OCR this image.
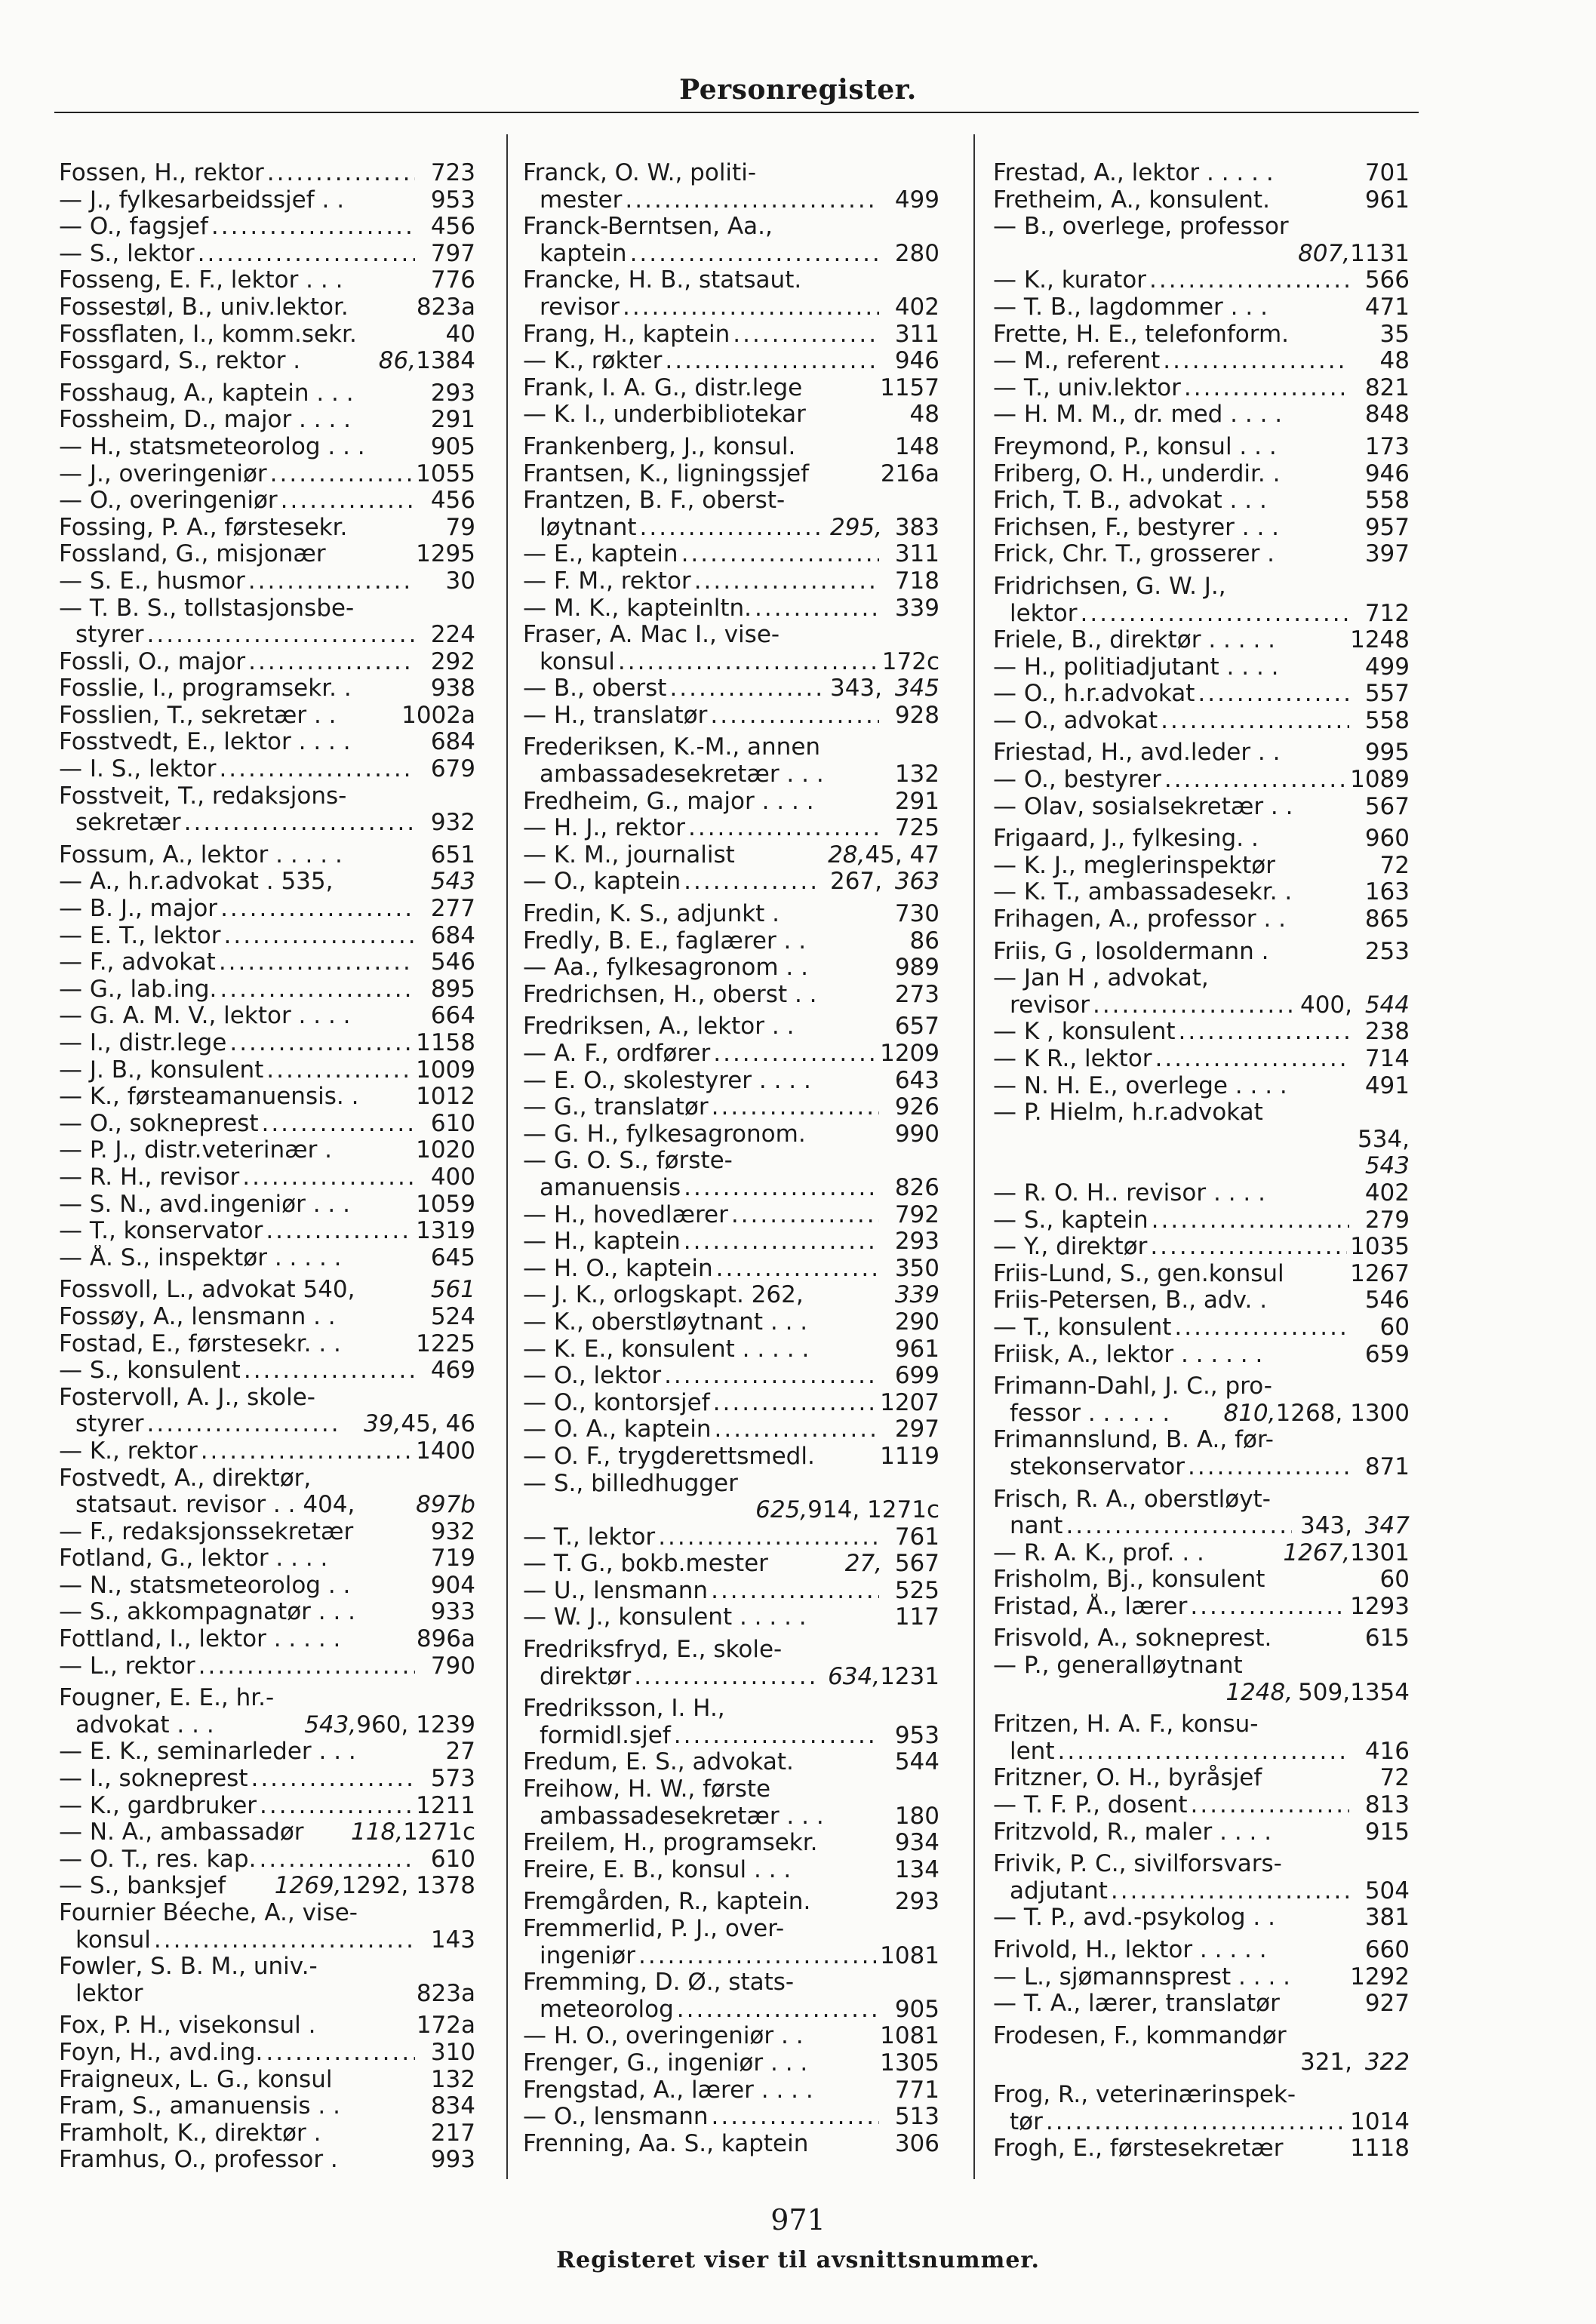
Personregister.
Fossen, H., rektor .....	723
— J., fylkesarbeidssjef . .	953
— O., fagsjef .....	456
— S., lektor .....	797
Fosseng, E. F., lektor . . .	776
Fossestøl, B., univ.lektor.	823a
Fossflaten, I., komm.sekr.	40
Fossgard, S., rektor .	86, 1384
Fosshaug, A., kaptein . . .	293
Fossheim, D., major . . . .	291
— H., statsmeteorolog . . .	905
— J., overingeniør .....	1055
— O., overingeniør .....	456
Fossing, P. A., førstesekr.	79
Fossland, G., misjonær	1295
— S. E., husmor .....	30
— T. B. S., tollstasjonsbe-
styrer .....	224
Fossli, O., major .....	292
Fosslie, I., programsekr. .	938
Fosslien, T., sekretær . .	1002a
Fosstvedt, E., lektor . . . .	684
— I. S., lektor .....	679
Fosstveit, T., redaksjons-
sekretær .....	932
Fossum, A., lektor . . . . .	651
— A., h.r.advokat . 535,	543
— B. J., major .....	277
— E. T., lektor .....	684
— F., advokat .....	546
— G., lab.ing. .....	895
— G. A. M. V., lektor . . . .	664
— I., distr.lege .....	1158
— J. B., konsulent .....	1009
— K., førsteamanuensis. . 1012
— O., sokneprest .....	610
— P. J., distr.veterinær .	1020
— R. H., revisor .....	400
— S. N., avd.ingeniør . . .	1059
— T., konservator .....	1319
— Å. S., inspektør . . . . .	645
Fossvoll, L., advokat 540,	561
Fossøy, A., lensmann . .	524
Fostad, E., førstesekr. . .	1225
— S., konsulent .....	469
Fostervoll, A. J., skole-
styrer .....	39, 45, 46
— K., rektor .....	1400
Fostvedt, A., direktør,
statsaut. revisor . . 404,	897b
— F., redaksjonssekretær	932
Fotland, G., lektor . . . .	719
— N., statsmeteorolog . .	904
— S., akkompagnatør . . .	933
Fottland, I., lektor . . . . .	896a
— L., rektor .....	790
Fougner, E. E., hr.-
advokat . . .	543, 960, 1239
— E. K., seminarleder . . .	27
— I., sokneprest .....	573
— K., gardbruker .....	1211
— N. A., ambassadør 118, 1271c
— O. T., res. kap. .....	610
— S., banksjef 1269, 1292, 1378
Fournier Béeche, A., vise-
konsul .....	143
Fowler, S. B. M., univ.-
lektor	823a
Fox, P. H., visekonsul .	172a
Foyn, H., avd.ing. .....	310
Fraigneux, L. G., konsul	132
Fram, S., amanuensis . .	834
Framholt, K., direktør .	217
Framhus, O., professor .	993
Franck, O. W., politi-
mester .....	499
Franck-Berntsen, Aa.,
kaptein .....	280
Francke, H. B., statsaut.
revisor .....	402
Frang, H., kaptein .....	311
— K., røkter .....	946
Frank, I. A. G., distr.lege	1157
— K. I., underbibliotekar	48
Frankenberg, J., konsul.	148
Frantsen, K., ligningssjef	216a
Frantzen, B. F., oberst-
løytnant .....	295, 383
— E., kaptein .....	311
— F. M., rektor .....	718
— M. K., kapteinltn. .....	339
Fraser, A. Mac I., vise-
konsul .....	172c
— B., oberst .....	343, 345
— H., translatør .....	928
Frederiksen, K.-M., annen
ambassadesekretær . . .	132
Fredheim, G., major . . . .	291
— H. J., rektor .....	725
— K. M., journalist	28, 45, 47
— O., kaptein .....	267, 363
Fredin, K. S., adjunkt .	730
Fredly, B. E., faglærer . .	86
— Aa., fylkesagronom . .	989
Fredrichsen, H., oberst . .	273
Fredriksen, A., lektor . .	657
— A. F., ordfører .....	1209
— E. O., skolestyrer . . . .	643
— G., translatør .....	926
— G. H., fylkesagronom.	990
— G. O. S., første-
amanuensis .....	826
— H., hovedlærer .....	792
— H., kaptein .....	293
— H. O., kaptein .....	350
— J. K., orlogskapt. 262,	339
— K., oberstløytnant . . .	290
— K. E., konsulent . . . . .	961
— O., lektor .....	699
— O., kontorsjef .....	1207
— O. A., kaptein .....	297
— O. F., trygderettsmedl.	1119
— S., billedhugger
625, 914, 1271c
— T., lektor .....	761
— T. G., bokb.mester	27, 567
— U., lensmann .....	525
— W. J., konsulent . . . . .	117
Fredriksfryd, E., skole-
direktør .....	634, 1231
Fredriksson, I. H.,
formidl.sjef .....	953
Fredum, E. S., advokat.	544
Freihow, H. W., første
ambassadesekretær . . .	180
Freilem, H., programsekr.	934
Freire, E. B., konsul . . .	134
Fremgården, R., kaptein.	293
Fremmerlid, P. J., over-
ingeniør .....	1081
Fremming, D. Ø., stats-
meteorolog .....	905
— H. O., overingeniør . .	1081
Frenger, G., ingeniør . . .	1305
Frengstad, A., lærer . . . .	771
— O., lensmann .....	513
Frenning, Aa. S., kaptein	306
Frestad, A., lektor . . . . .	701
Fretheim, A., konsulent.	961
— B., overlege, professor
807, 1131
— K., kurator .....	566
— T. B., lagdommer . . .	471
Frette, H. E., telefonform.	35
— M., referent .....	48
— T., univ.lektor .....	821
— H. M. M., dr. med . . . .	848
Freymond, P., konsul . . .	173
Friberg, O. H., underdir. .	946
Frich, T. B., advokat . . .	558
Frichsen, F., bestyrer . . .	957
Frick, Chr. T., grosserer .	397
Fridrichsen, G. W. J.,
lektor .....	712
Friele, B., direktør . . . . .	1248
— H., politiadjutant . . . .	499
— O., h.r.advokat .....	557
— O., advokat .....	558
Friestad, H., avd.leder . .	995
— O., bestyrer .....	1089
— Olav, sosialsekretær . .	567
Frigaard, J., fylkesing. .	960
— K. J., meglerinspektør	72
— K. T., ambassadesekr. .	163
Frihagen, A., professor . .	865
Friis, G , losoldermann .	253
— Jan H , advokat,
revisor .....	400, 544
— K , konsulent .....	238
— K R., lektor .....	714
— N. H. E., overlege . . . .	491
— P. Hielm, h.r.advokat
534,
543
— R. O. H.. revisor . . . .	402
— S., kaptein .....	279
— Y., direktør .....	1035
Friis-Lund, S., gen.konsul	1267
Friis-Petersen, B., adv. .	546
— T., konsulent .....	60
Friisk, A., lektor . . . . . .	659
Frimann-Dahl, J. C., pro-
fessor . . . . . . 810, 1268, 1300
Frimannslund, B. A., før-
stekonservator .....	871
Frisch, R. A., oberstløyt-
nant .....	343, 347
— R. A. K., prof. . .	1267, 1301
Frisholm, Bj., konsulent	60
Fristad, Å., lærer .....	1293
Frisvold, A., sokneprest.	615
— P., generalløytnant
1248, 509, 1354
Fritzen, H. A. F., konsu-
lent .....	416
Fritzner, O. H., byråsjef	72
— T. F. P., dosent .....	813
Fritzvold, R., maler . . . .	915
Frivik, P. C., sivilforsvars-
adjutant .....	504
— T. P., avd.-psykolog . .	381
Frivold, H., lektor . . . . .	660
— L., sjømannsprest . . . .	1292
— T. A., lærer, translatør	927
Frodesen, F., kommandør
321, 322
Frog, R., veterinærinspek-
tør .....	1014
Frogh, E., førstesekretær	1118
971
Registeret viser til avsnittsnummer.
